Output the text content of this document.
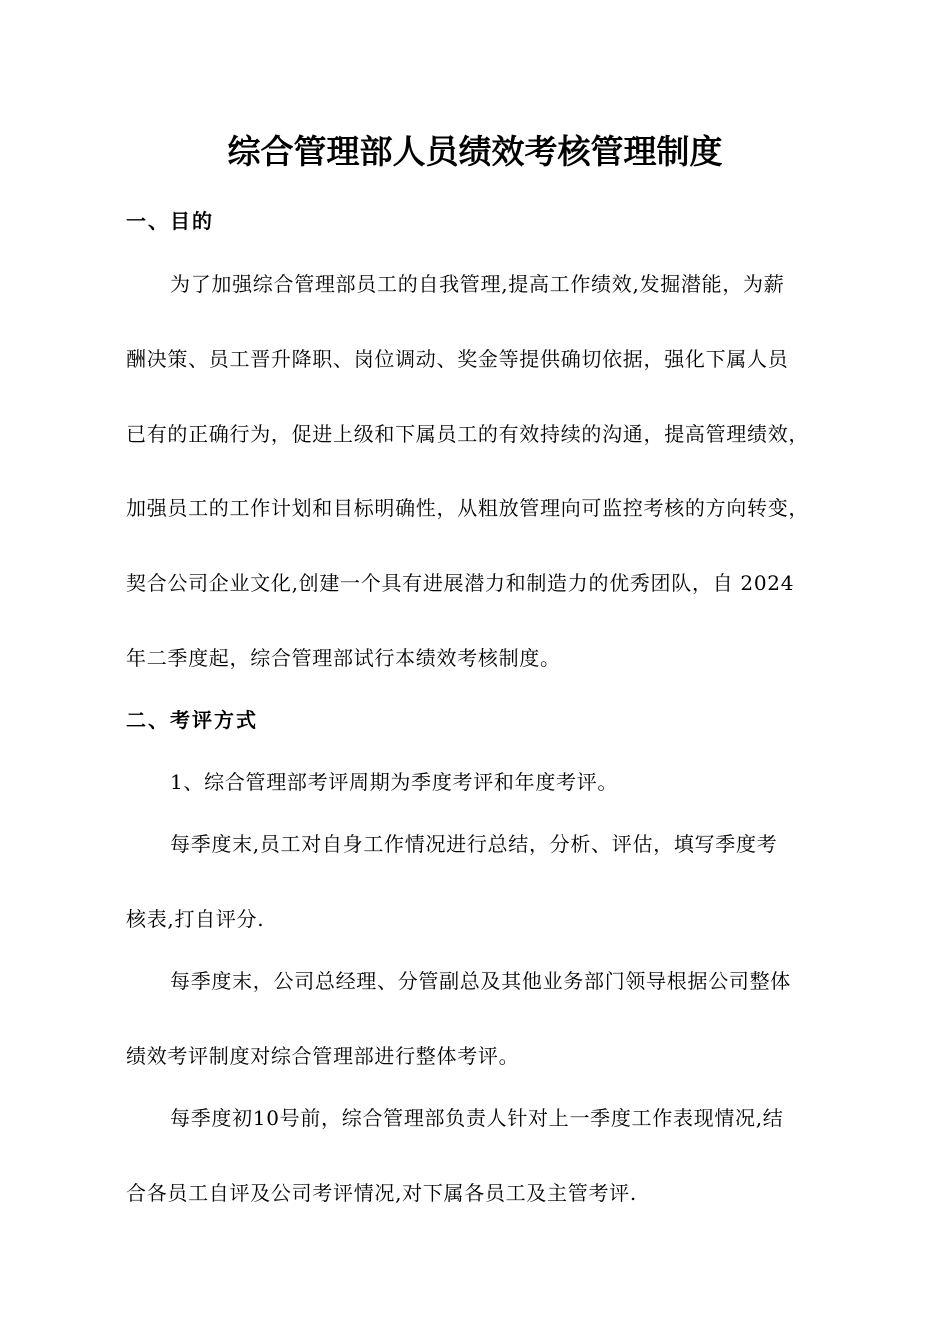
综合管理部人员绩效考核管理制度
一、目的
为了加强综合管理部员工的自我管理,提高工作绩效,发掘潜能，为薪
酬决策、员工晋升降职、岗位调动、奖金等提供确切依据，强化下属人员
已有的正确行为，促进上级和下属员工的有效持续的沟通，提高管理绩效，
加强员工的工作计划和目标明确性，从粗放管理向可监控考核的方向转变，
契合公司企业文化,创建一个具有进展潜力和制造力的优秀团队，自 2024
年二季度起，综合管理部试行本绩效考核制度。
二、考评方式
1、综合管理部考评周期为季度考评和年度考评。
每季度末,员工对自身工作情况进行总结，分析、评估，填写季度考
核表,打自评分.
每季度末，公司总经理、分管副总及其他业务部门领导根据公司整体
绩效考评制度对综合管理部进行整体考评。
每季度初10号前，综合管理部负责人针对上一季度工作表现情况,结
合各员工自评及公司考评情况,对下属各员工及主管考评.
